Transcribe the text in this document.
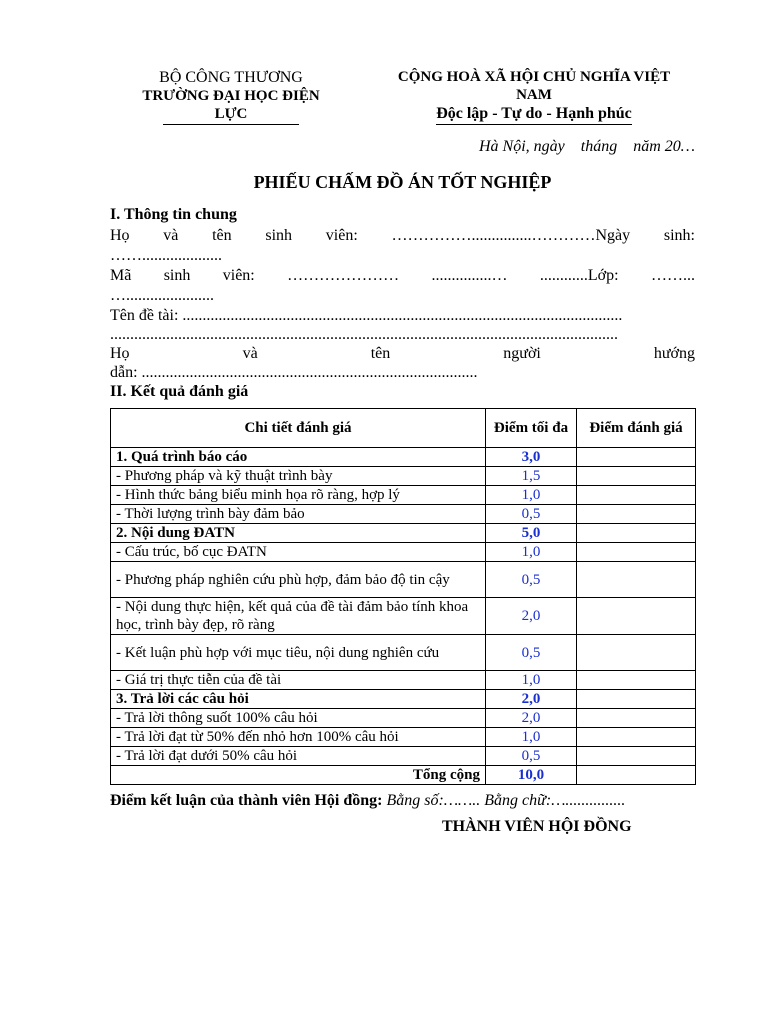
BỘ CÔNG THƯƠNG
TRƯỜNG ĐẠI HỌC ĐIỆN
LỰC
CỘNG HOÀ XÃ HỘI CHỦ NGHĨA VIỆT
NAM
Độc lập - Tự do - Hạnh phúc
Hà Nội, ngày    tháng    năm 20…
PHIẾU CHẤM ĐỒ ÁN TỐT NGHIỆP
I. Thông tin chung
Họ và tên sinh viên: ……………...............…………Ngày sinh:
……....................
Mã sinh viên: ………………… ...............… ............Lớp: ……...
…......................
Tên đề tài: ..............................................................................................................
...............................................................................................................................
Họ	và	tên	người	hướng
dẫn: ....................................................................................
II. Kết quả đánh giá
Chi tiết đánh giá	Điểm tối đa	Điểm đánh giá
1. Quá trình báo cáo	3,0	
- Phương pháp và kỹ thuật trình bày	1,5	
- Hình thức bảng biểu minh họa rõ ràng, hợp lý	1,0	
- Thời lượng trình bày đảm bảo	0,5	
2. Nội dung ĐATN	5,0	
- Cấu trúc, bố cục ĐATN	1,0	
- Phương pháp nghiên cứu phù hợp, đảm bảo độ tin cậy	0,5	
- Nội dung thực hiện, kết quả của đề tài đảm bảo tính khoa học, trình bày đẹp, rõ ràng	2,0	
- Kết luận phù hợp với mục tiêu, nội dung nghiên cứu	0,5	
- Giá trị thực tiễn của đề tài	1,0	
3. Trả lời các câu hỏi	2,0	
- Trả lời thông suốt 100% câu hỏi	2,0	
- Trả lời đạt từ 50% đến nhỏ hơn 100% câu hỏi	1,0	
- Trả lời đạt dưới 50% câu hỏi	0,5	
Tổng cộng	10,0	
Điểm kết luận của thành viên Hội đồng: Bằng số:…….. Bằng chữ:…...............
THÀNH VIÊN HỘI ĐỒNG
